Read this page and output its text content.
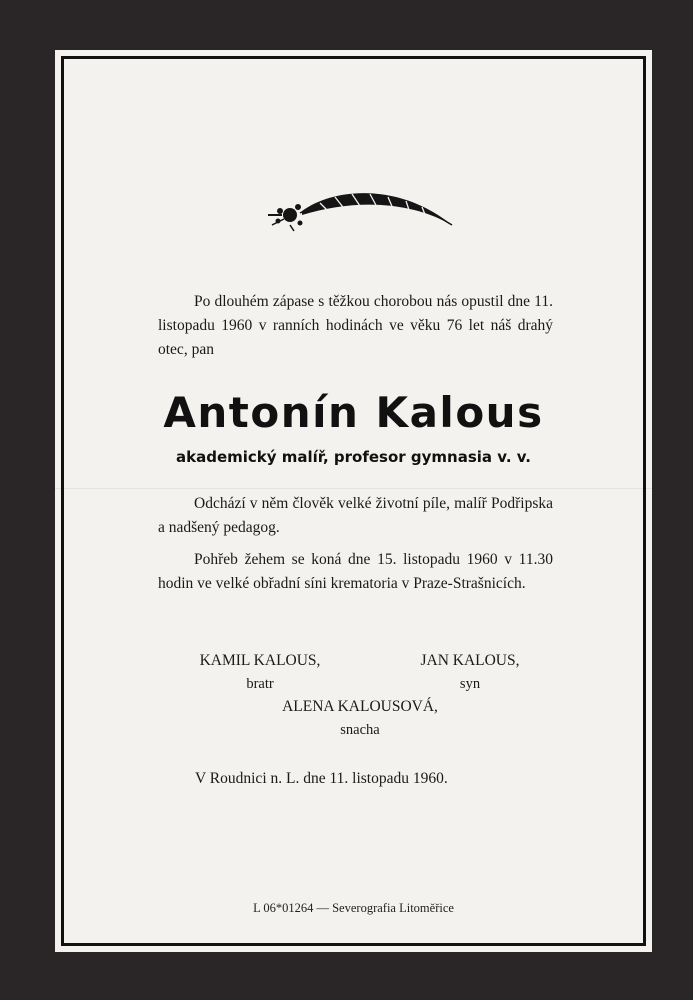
Po dlouhém zápase s těžkou chorobou nás opustil dne 11. listopadu 1960 v ranních hodinách ve věku 76 let náš drahý otec, pan
Antonín Kalous
akademický malíř, profesor gymnasia v. v.
Odchází v něm člověk velké životní píle, malíř Podřipska a nadšený pedagog.
Pohřeb žehem se koná dne 15. listopadu 1960 v 11.30 hodin ve velké obřadní síni krematoria v Praze-Strašnicích.
KAMIL KALOUS,
bratr
JAN KALOUS,
syn
ALENA KALOUSOVÁ,
snacha
V Roudnici n. L. dne 11. listopadu 1960.
L 06*01264 — Severografia Litoměřice
